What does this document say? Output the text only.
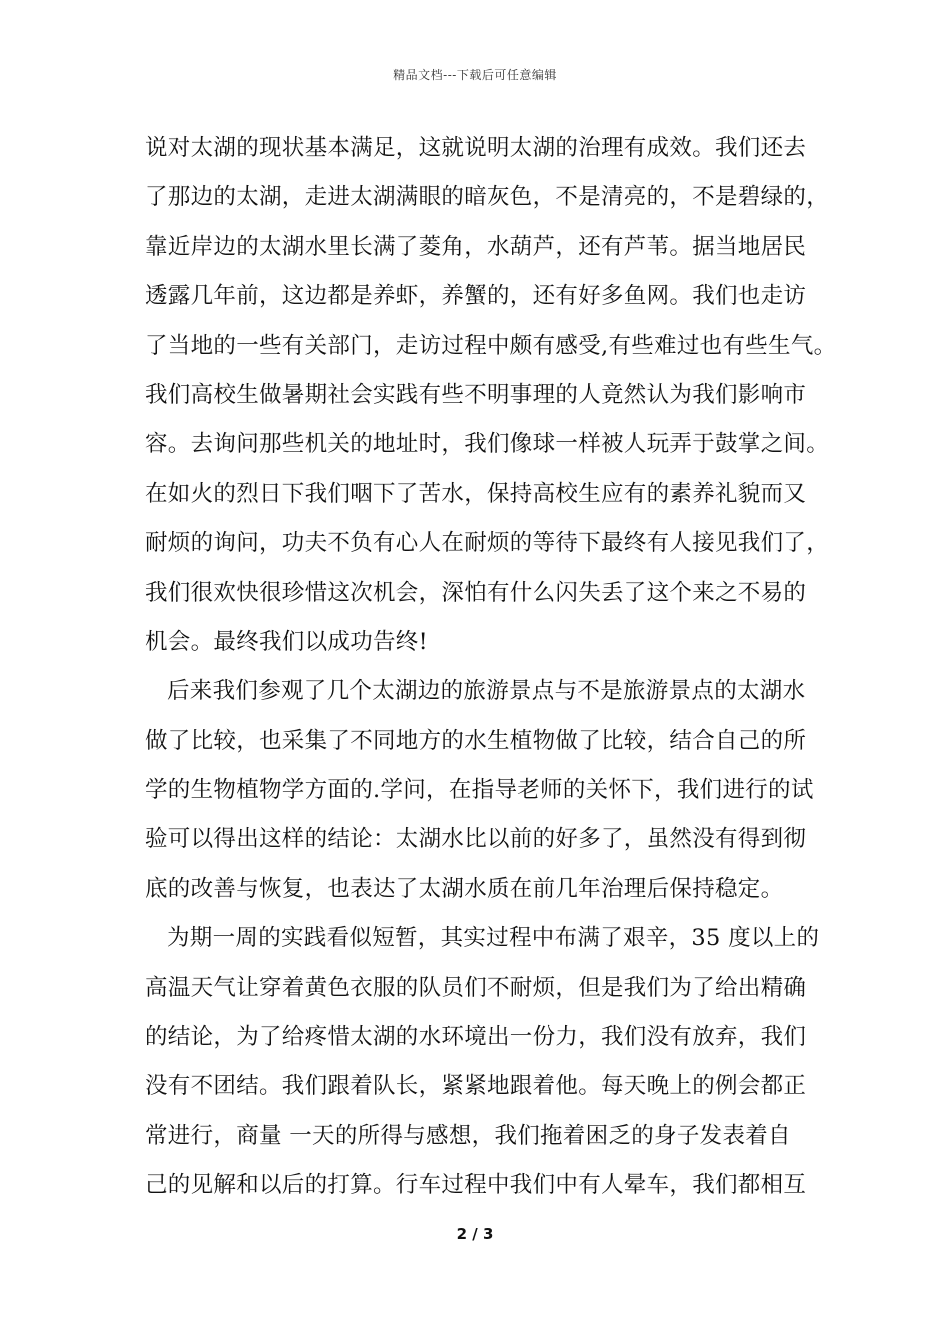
精品文档---下载后可任意编辑
说对太湖的现状基本满足，这就说明太湖的治理有成效。我们还去
了那边的太湖，走进太湖满眼的暗灰色，不是清亮的，不是碧绿的，
靠近岸边的太湖水里长满了菱角，水葫芦，还有芦苇。据当地居民
透露几年前，这边都是养虾，养蟹的，还有好多鱼网。我们也走访
了当地的一些有关部门，走访过程中颇有感受,有些难过也有些生气。
我们高校生做暑期社会实践有些不明事理的人竟然认为我们影响市
容。去询问那些机关的地址时，我们像球一样被人玩弄于鼓掌之间。
在如火的烈日下我们咽下了苦水，保持高校生应有的素养礼貌而又
耐烦的询问，功夫不负有心人在耐烦的等待下最终有人接见我们了，
我们很欢快很珍惜这次机会，深怕有什么闪失丢了这个来之不易的
机会。最终我们以成功告终!
后来我们参观了几个太湖边的旅游景点与不是旅游景点的太湖水
做了比较，也采集了不同地方的水生植物做了比较，结合自己的所
学的生物植物学方面的.学问，在指导老师的关怀下，我们进行的试
验可以得出这样的结论：太湖水比以前的好多了，虽然没有得到彻
底的改善与恢复，也表达了太湖水质在前几年治理后保持稳定。
为期一周的实践看似短暂，其实过程中布满了艰辛，35 度以上的
高温天气让穿着黄色衣服的队员们不耐烦，但是我们为了给出精确
的结论，为了给疼惜太湖的水环境出一份力，我们没有放弃，我们
没有不团结。我们跟着队长，紧紧地跟着他。每天晚上的例会都正
常进行，商量 一天的所得与感想，我们拖着困乏的身子发表着自
己的见解和以后的打算。行车过程中我们中有人晕车，我们都相互
2 / 3
